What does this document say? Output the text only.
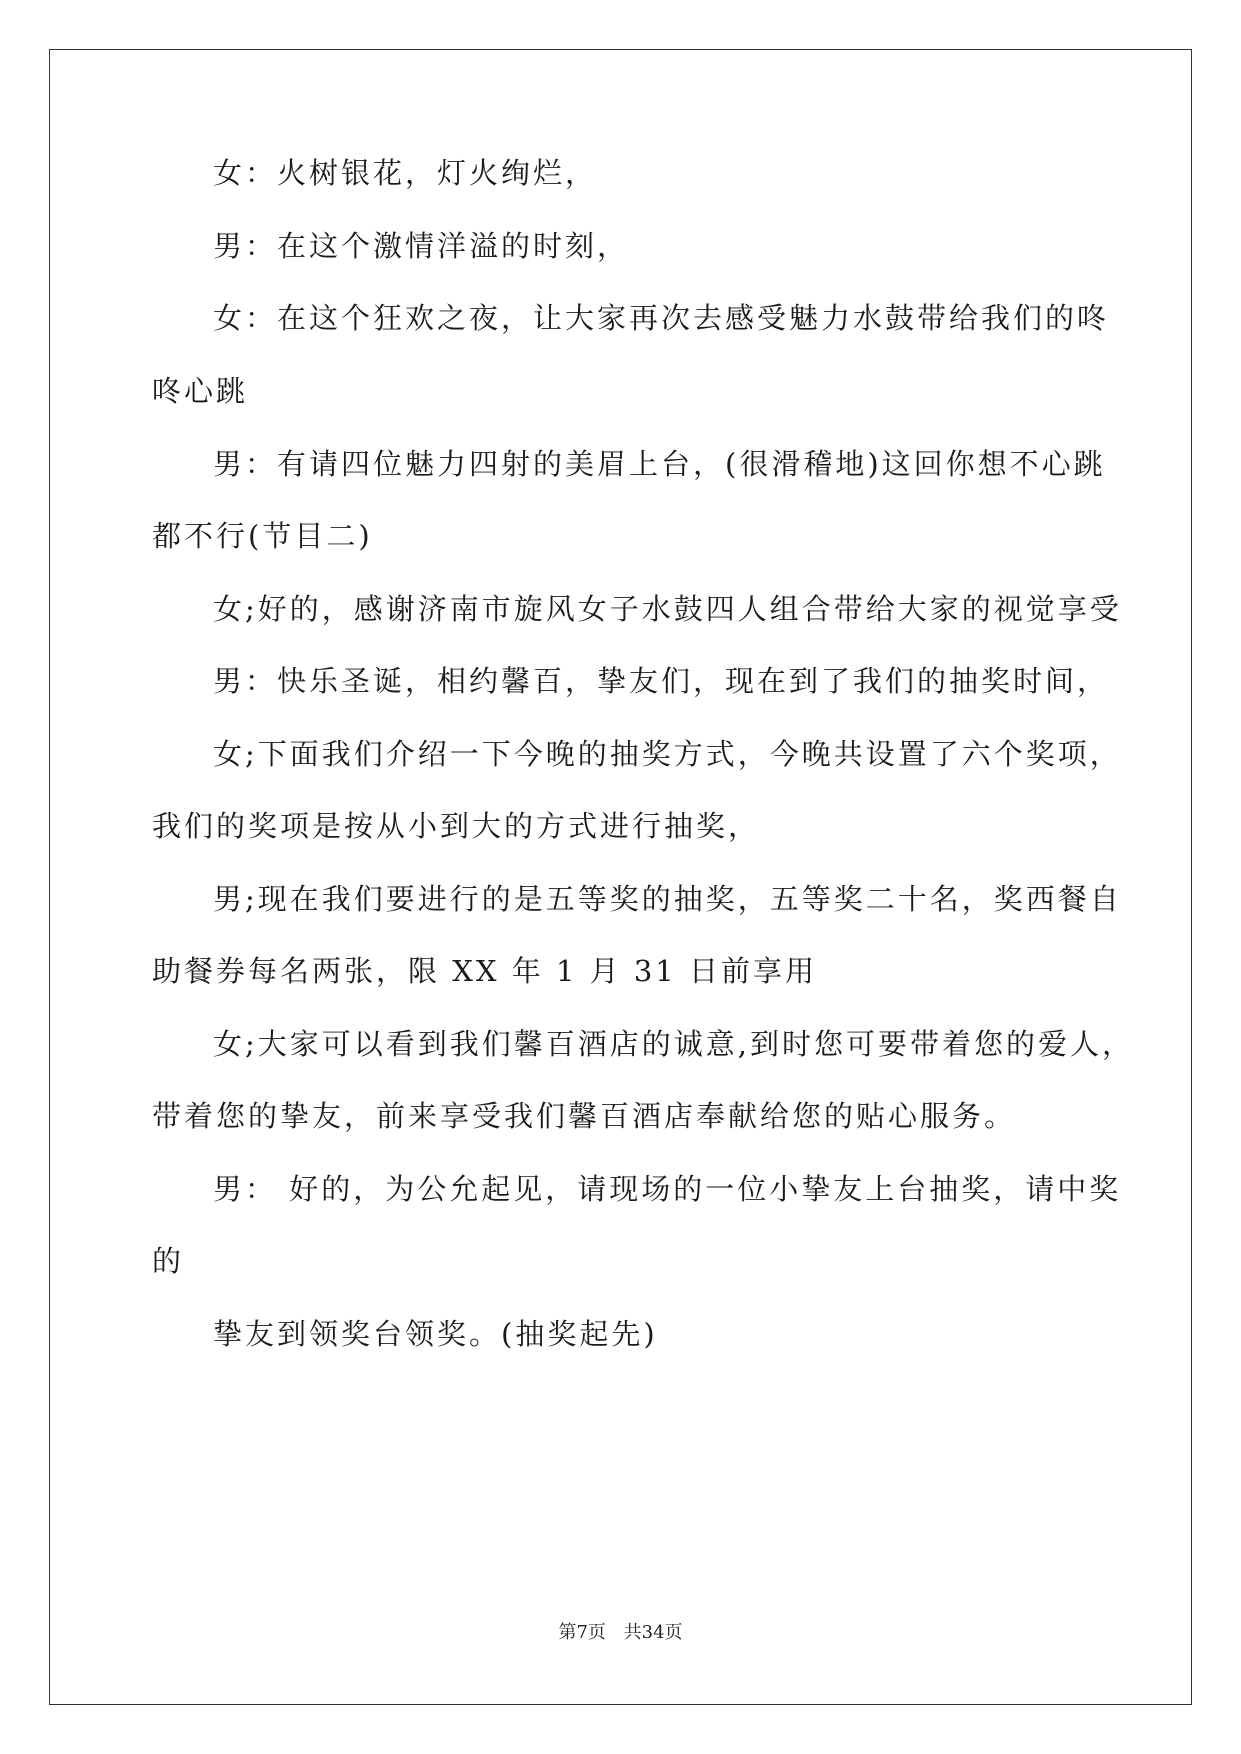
女：火树银花，灯火绚烂，
男：在这个激情洋溢的时刻，
女：在这个狂欢之夜，让大家再次去感受魅力水鼓带给我们的咚
咚心跳
男：有请四位魅力四射的美眉上台，(很滑稽地)这回你想不心跳
都不行(节目二)
女;好的，感谢济南市旋风女子水鼓四人组合带给大家的视觉享受
男：快乐圣诞，相约馨百，挚友们，现在到了我们的抽奖时间，
女;下面我们介绍一下今晚的抽奖方式，今晚共设置了六个奖项，
我们的奖项是按从小到大的方式进行抽奖，
男;现在我们要进行的是五等奖的抽奖，五等奖二十名，奖西餐自
助餐券每名两张，限 XX 年 1 月 31 日前享用
女;大家可以看到我们馨百酒店的诚意,到时您可要带着您的爱人，
带着您的挚友，前来享受我们馨百酒店奉献给您的贴心服务。
男： 好的，为公允起见，请现场的一位小挚友上台抽奖，请中奖
的
挚友到领奖台领奖。(抽奖起先)
第7页 共34页
